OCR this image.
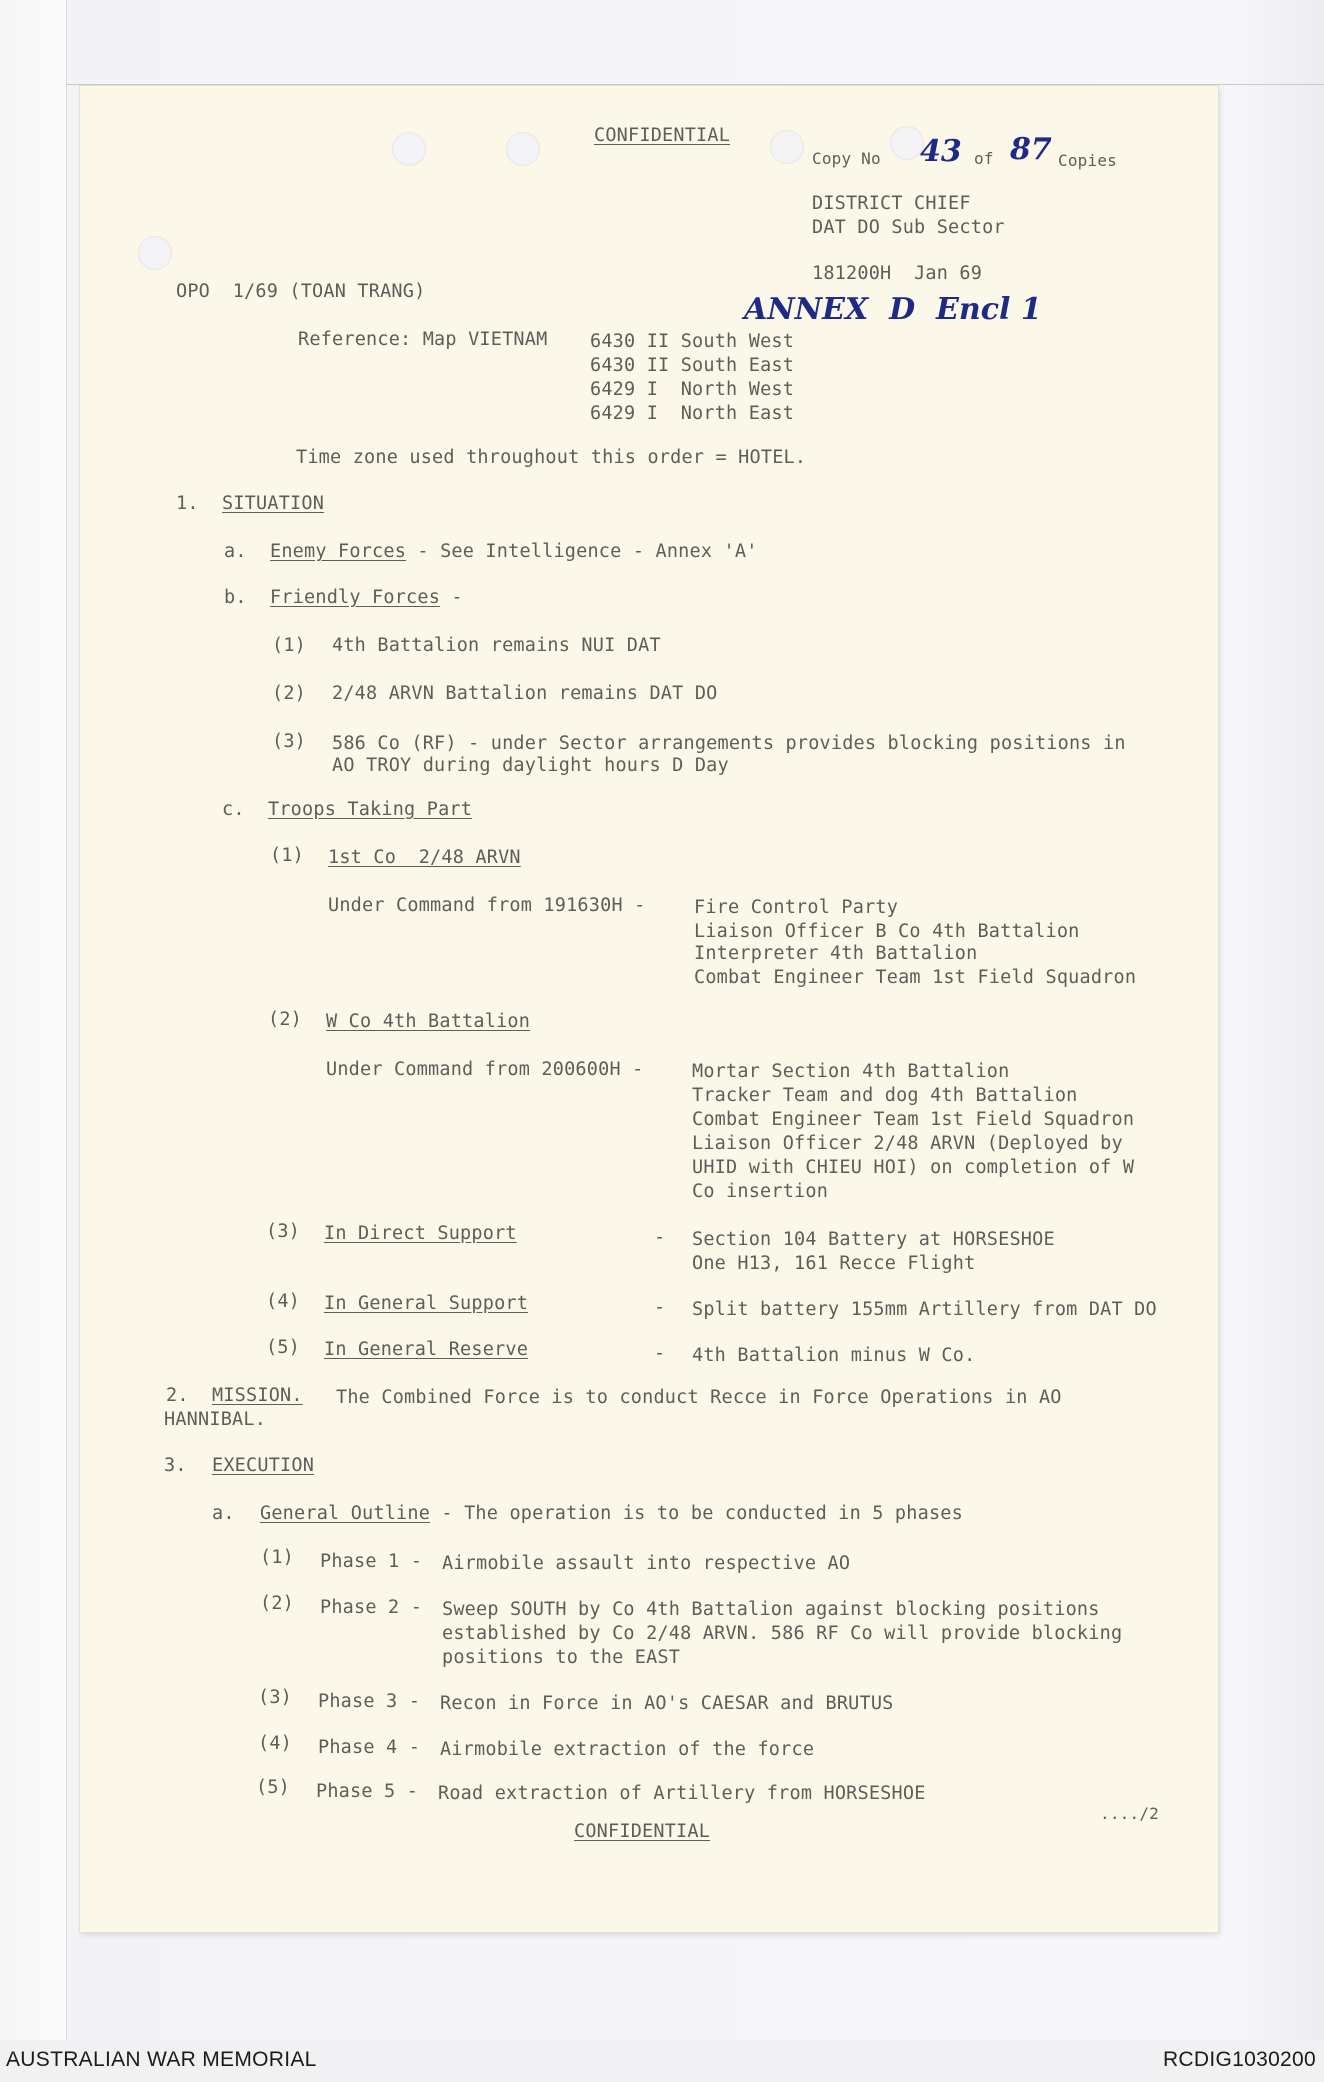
CONFIDENTIAL
Copy No 43 of 87 Copies
DISTRICT CHIEF
DAT DO Sub Sector
181200H  Jan 69
ANNEX  D  Encl 1
OPO  1/69 (TOAN TRANG)
Reference: Map VIETNAM 6430 II South West
6430 II South East
6429 I  North West
6429 I  North East
Time zone used throughout this order = HOTEL.
1. SITUATION
a. Enemy Forces - See Intelligence - Annex 'A'
b. Friendly Forces -
(1) 4th Battalion remains NUI DAT
(2) 2/48 ARVN Battalion remains DAT DO
(3) 586 Co (RF) - under Sector arrangements provides blocking positions in
AO TROY during daylight hours D Day
c. Troops Taking Part
(1) 1st Co  2/48 ARVN
Under Command from 191630H -	Fire Control Party
Liaison Officer B Co 4th Battalion
Interpreter 4th Battalion
Combat Engineer Team 1st Field Squadron
(2) W Co 4th Battalion
Under Command from 200600H -	Mortar Section 4th Battalion
Tracker Team and dog 4th Battalion
Combat Engineer Team 1st Field Squadron
Liaison Officer 2/48 ARVN (Deployed by
UHID with CHIEU HOI) on completion of W
Co insertion
(3) In Direct Support	- Section 104 Battery at HORSESHOE
One H13, 161 Recce Flight
(4) In General Support	- Split battery 155mm Artillery from DAT DO
(5) In General Reserve	- 4th Battalion minus W Co.
2. MISSION. The Combined Force is to conduct Recce in Force Operations in AO
HANNIBAL.
3. EXECUTION
a. General Outline - The operation is to be conducted in 5 phases
(1) Phase 1 - Airmobile assault into respective AO
(2) Phase 2 - Sweep SOUTH by Co 4th Battalion against blocking positions
established by Co 2/48 ARVN. 586 RF Co will provide blocking
positions to the EAST
(3) Phase 3 - Recon in Force in AO's CAESAR and BRUTUS
(4) Phase 4 - Airmobile extraction of the force
(5) Phase 5 - Road extraction of Artillery from HORSESHOE
..../2
CONFIDENTIAL
AUSTRALIAN WAR MEMORIAL	RCDIG1030200
